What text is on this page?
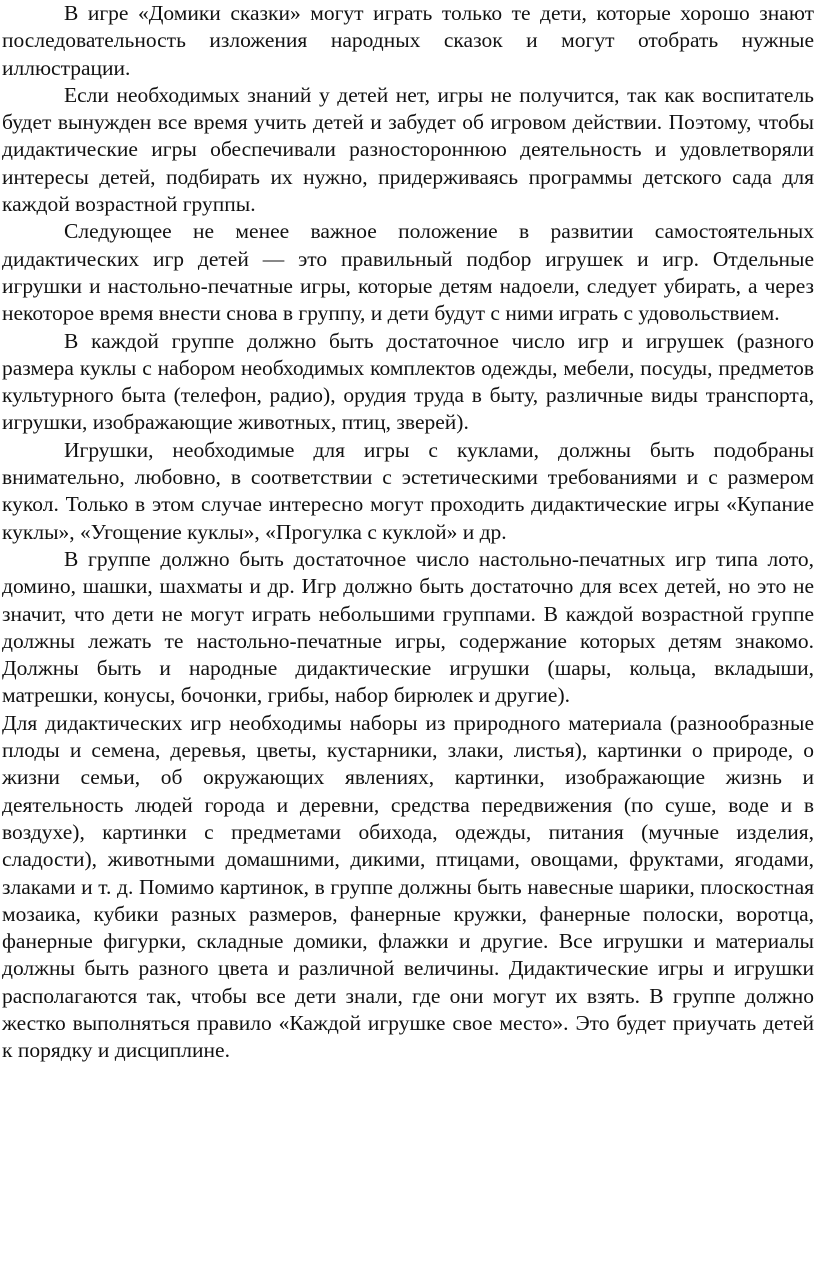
В игре «Домики сказки» могут играть только те дети, которые хорошо знают последовательность изложения народных сказок и могут отобрать нужные иллюстрации.

Если необходимых знаний у детей нет, игры не получится, так как воспитатель будет вынужден все время учить детей и забудет об игровом действии. Поэтому, чтобы дидактические игры обеспечивали разностороннюю деятельность и удовлетворяли интересы детей, подбирать их нужно, придерживаясь программы детского сада для каждой возрастной группы.

Следующее не менее важное положение в развитии самостоятельных дидактических игр детей — это правильный подбор игрушек и игр. Отдельные игрушки и настольно-печатные игры, которые детям надоели, следует убирать, а через некоторое время внести снова в группу, и дети будут с ними играть с удовольствием.

В каждой группе должно быть достаточное число игр и игрушек (разного размера куклы с набором необходимых комплектов одежды, мебели, посуды, предметов культурного быта (телефон, радио), орудия труда в быту, различные виды транспорта, игрушки, изображающие животных, птиц, зверей).

Игрушки, необходимые для игры с куклами, должны быть подобраны внимательно, любовно, в соответствии с эстетическими требованиями и с размером кукол. Только в этом случае интересно могут проходить дидактические игры «Купание куклы», «Угощение куклы», «Прогулка с куклой» и др.

В группе должно быть достаточное число настольно-печатных игр типа лото, домино, шашки, шахматы и др. Игр должно быть достаточно для всех детей, но это не значит, что дети не могут играть небольшими группами. В каждой возрастной группе должны лежать те настольно-печатные игры, содержание которых детям знакомо. Должны быть и народные дидактические игрушки (шары, кольца, вкладыши, матрешки, конусы, бочонки, грибы, набор бирюлек и другие).

Для дидактических игр необходимы наборы из природного материала (разнообразные плоды и семена, деревья, цветы, кустарники, злаки, листья), картинки о природе, о жизни семьи, об окружающих явлениях, картинки, изображающие жизнь и деятельность людей города и деревни, средства передвижения (по суше, воде и в воздухе), картинки с предметами обихода, одежды, питания (мучные изделия, сладости), животными домашними, дикими, птицами, овощами, фруктами, ягодами, злаками и т. д. Помимо картинок, в группе должны быть навесные шарики, плоскостная мозаика, кубики разных размеров, фанерные кружки, фанерные полоски, воротца, фанерные фигурки, складные домики, флажки и другие. Все игрушки и материалы должны быть разного цвета и различной величины. Дидактические игры и игрушки располагаются так, чтобы все дети знали, где они могут их взять. В группе должно жестко выполняться правило «Каждой игрушке свое место». Это будет приучать детей к порядку и дисциплине.
